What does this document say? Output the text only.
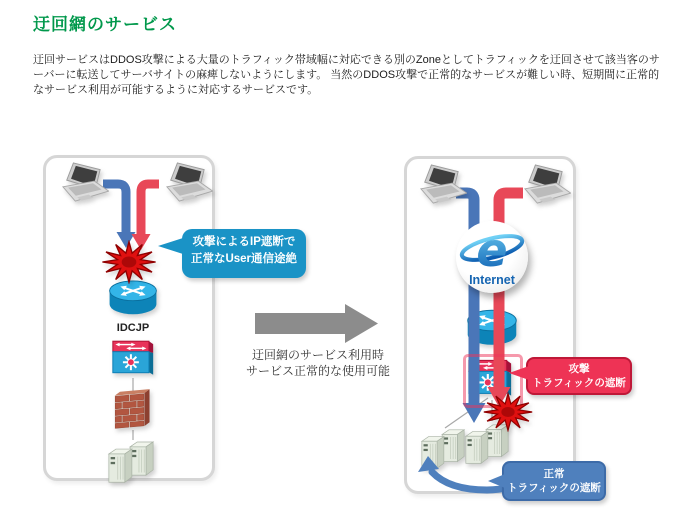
迂回網のサービス

迂回サービスはDDOS攻撃による大量のトラフィック帯域幅に対応できる別のZoneとしてトラフィックを迂回させて該当客のサーバーに転送してサーバサイトの麻痺しないようにします。 当然のDDOS攻撃で正常的なサービスが難しい時、短期間に正常的なサービス利用が可能するように対応するサービスです。

IDCJP
攻撃によるIP遮断で
正常なUser通信途絶
迂回網のサービス利用時
サービス正常的な使用可能
e
Internet
攻撃
トラフィックの遮断
正常
トラフィックの遮断
